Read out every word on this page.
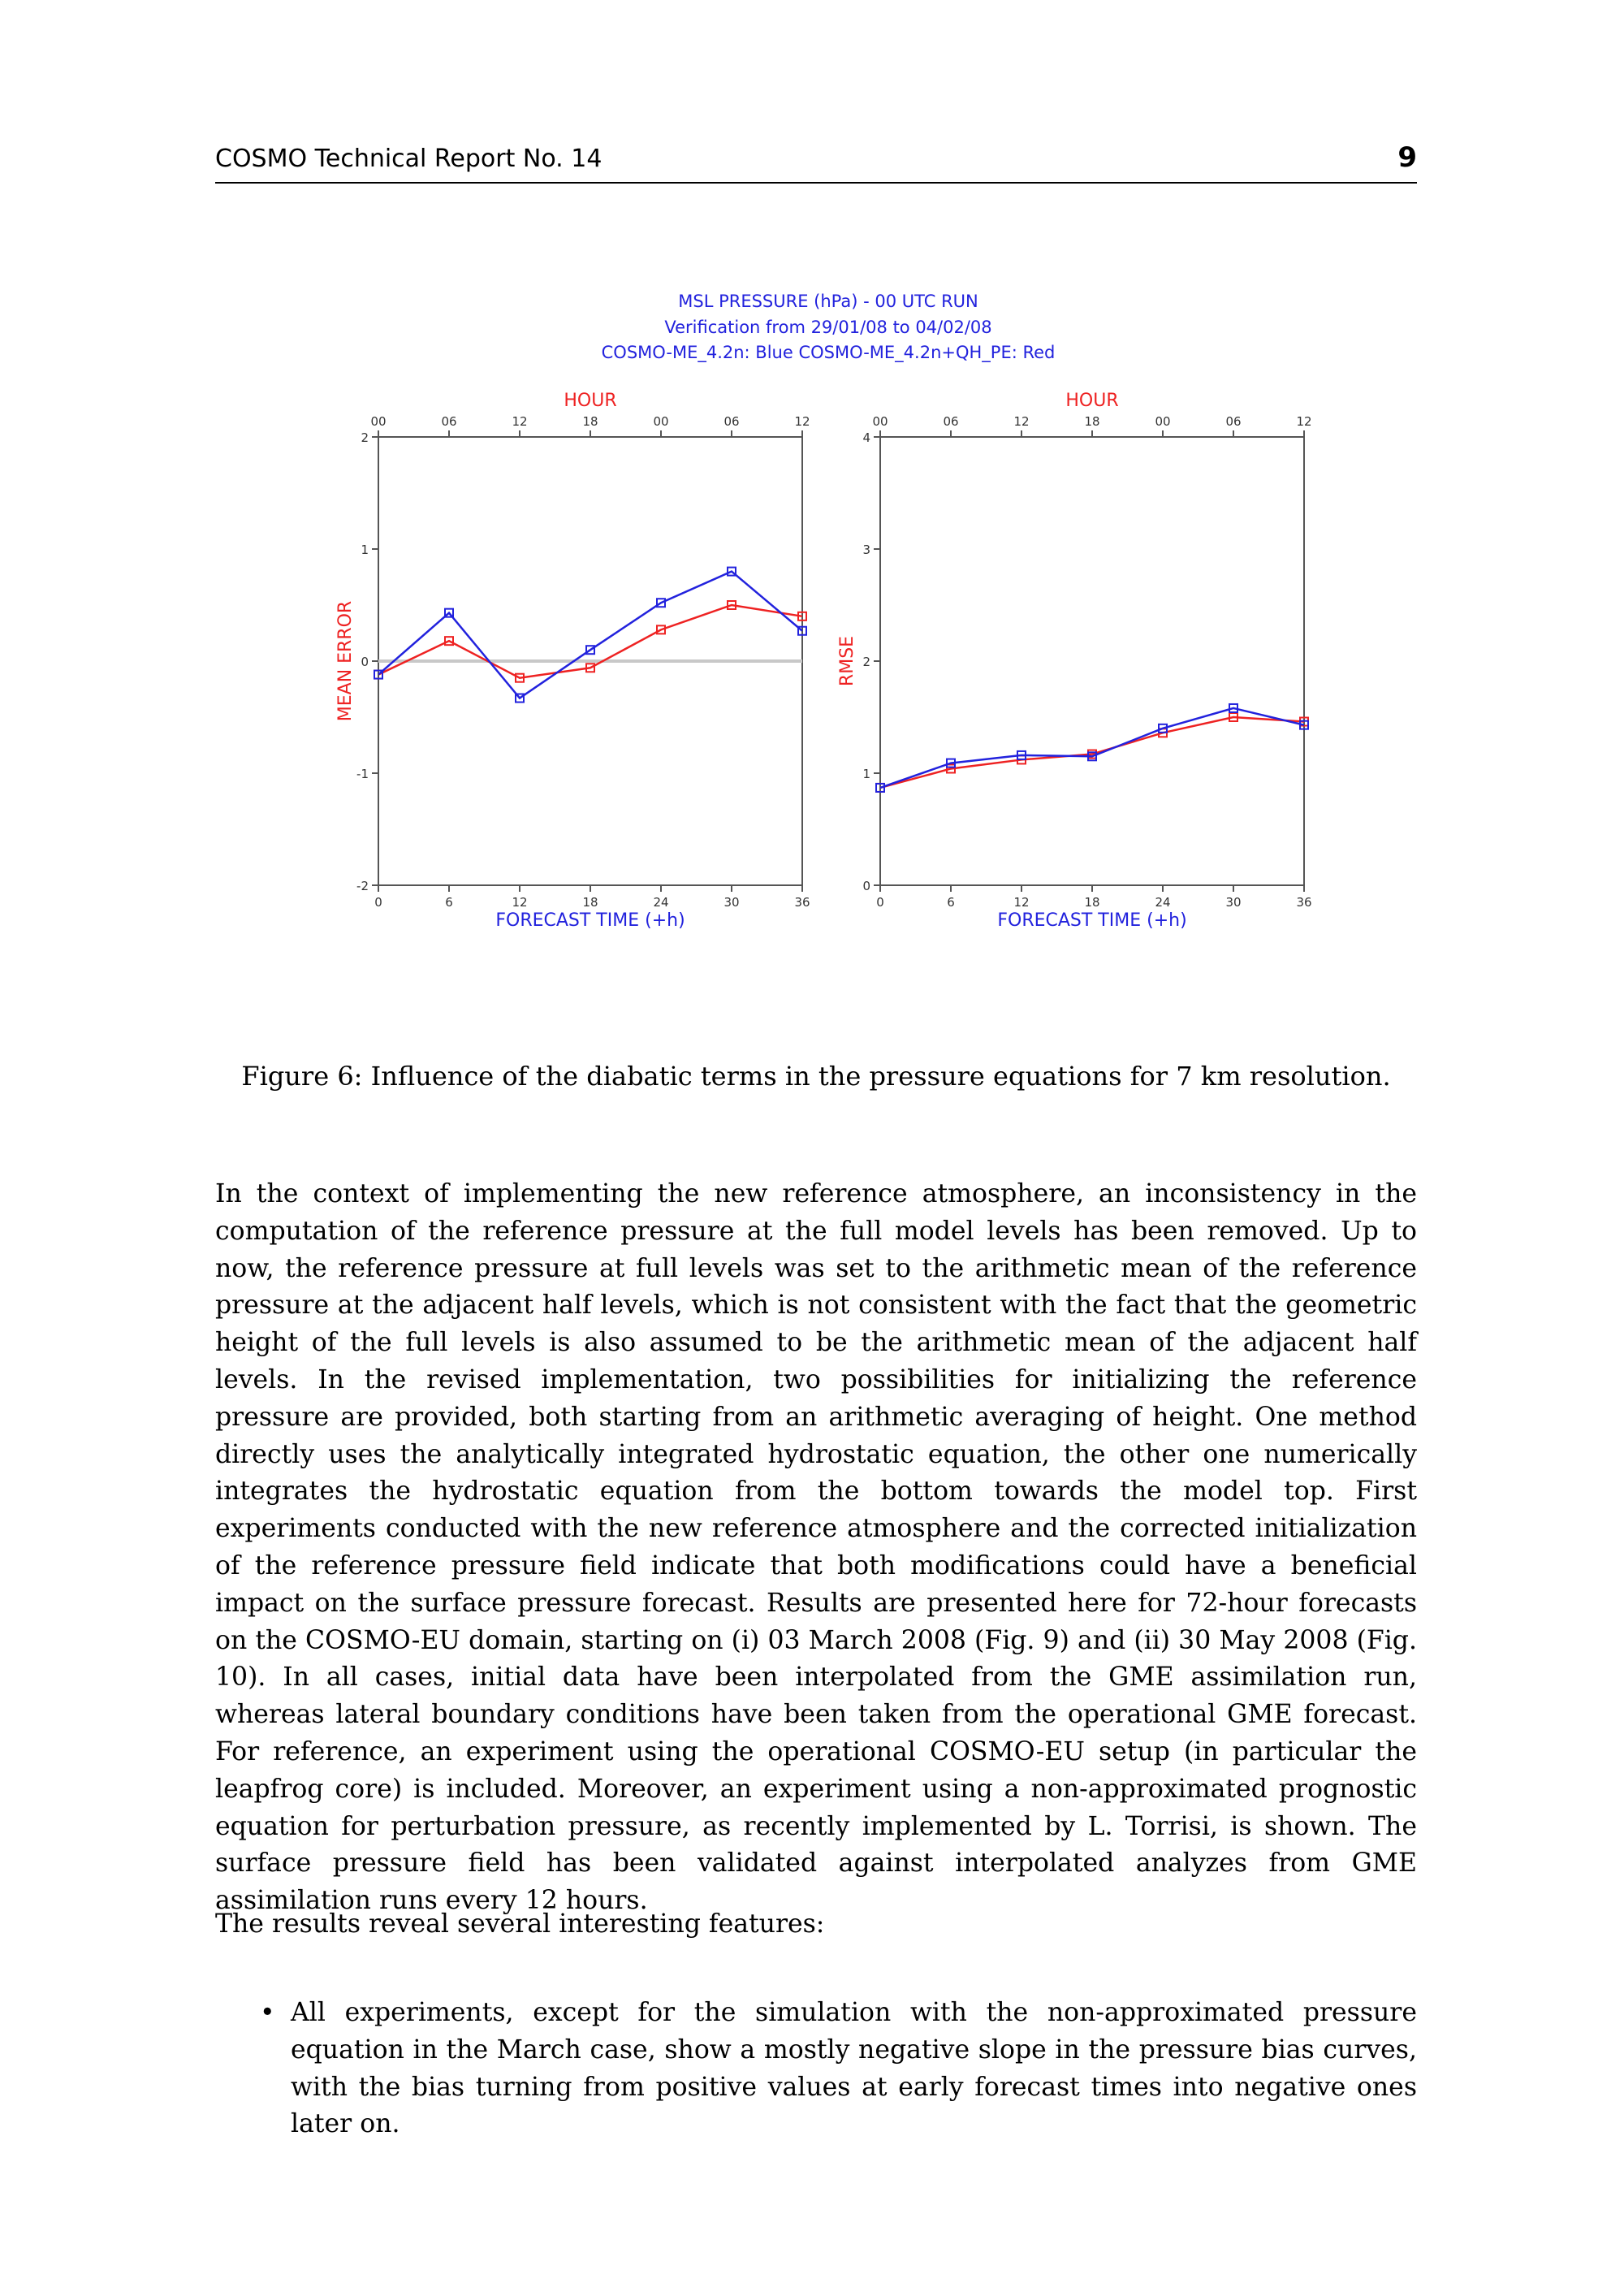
COSMO Technical Report No. 14	9
MSL PRESSURE (hPa) - 00 UTC RUN
Verification from 29/01/08 to 04/02/08
COSMO-ME_4.2n: Blue COSMO-ME_4.2n+QH_PE: Red
-2
-1
0
1
2
0
00
6
06
12
12
18
18
24
00
30
06
36
12
HOUR
FORECAST TIME (+h)
MEAN ERROR
0
1
2
3
4
0
00
6
06
12
12
18
18
24
00
30
06
36
12
HOUR
FORECAST TIME (+h)
RMSE
Figure 6: Influence of the diabatic terms in the pressure equations for 7 km resolution.

In the context of implementing the new reference atmosphere, an inconsistency in the computation of the reference pressure at the full model levels has been removed. Up to now, the reference pressure at full levels was set to the arithmetic mean of the reference pressure at the adjacent half levels, which is not consistent with the fact that the geometric height of the full levels is also assumed to be the arithmetic mean of the adjacent half levels. In the revised implementation, two possibilities for initializing the reference pressure are provided, both starting from an arithmetic averaging of height. One method directly uses the analytically integrated hydrostatic equation, the other one numerically integrates the hydrostatic equation from the bottom towards the model top. First experiments conducted with the new reference atmosphere and the corrected initialization of the reference pressure field indicate that both modifications could have a beneficial impact on the surface pressure forecast. Results are presented here for 72-hour forecasts on the COSMO-EU domain, starting on (i) 03 March 2008 (Fig. 9) and (ii) 30 May 2008 (Fig. 10). In all cases, initial data have been interpolated from the GME assimilation run, whereas lateral boundary conditions have been taken from the operational GME forecast. For reference, an experiment using the operational COSMO-EU setup (in particular the leapfrog core) is included. Moreover, an experiment using a non-approximated prognostic equation for perturbation pressure, as recently implemented by L. Torrisi, is shown. The surface pressure field has been validated against interpolated analyzes from GME assimilation runs every 12 hours.

The results reveal several interesting features:

• All experiments, except for the simulation with the non-approximated pressure equation in the March case, show a mostly negative slope in the pressure bias curves, with the bias turning from positive values at early forecast times into negative ones later on.
